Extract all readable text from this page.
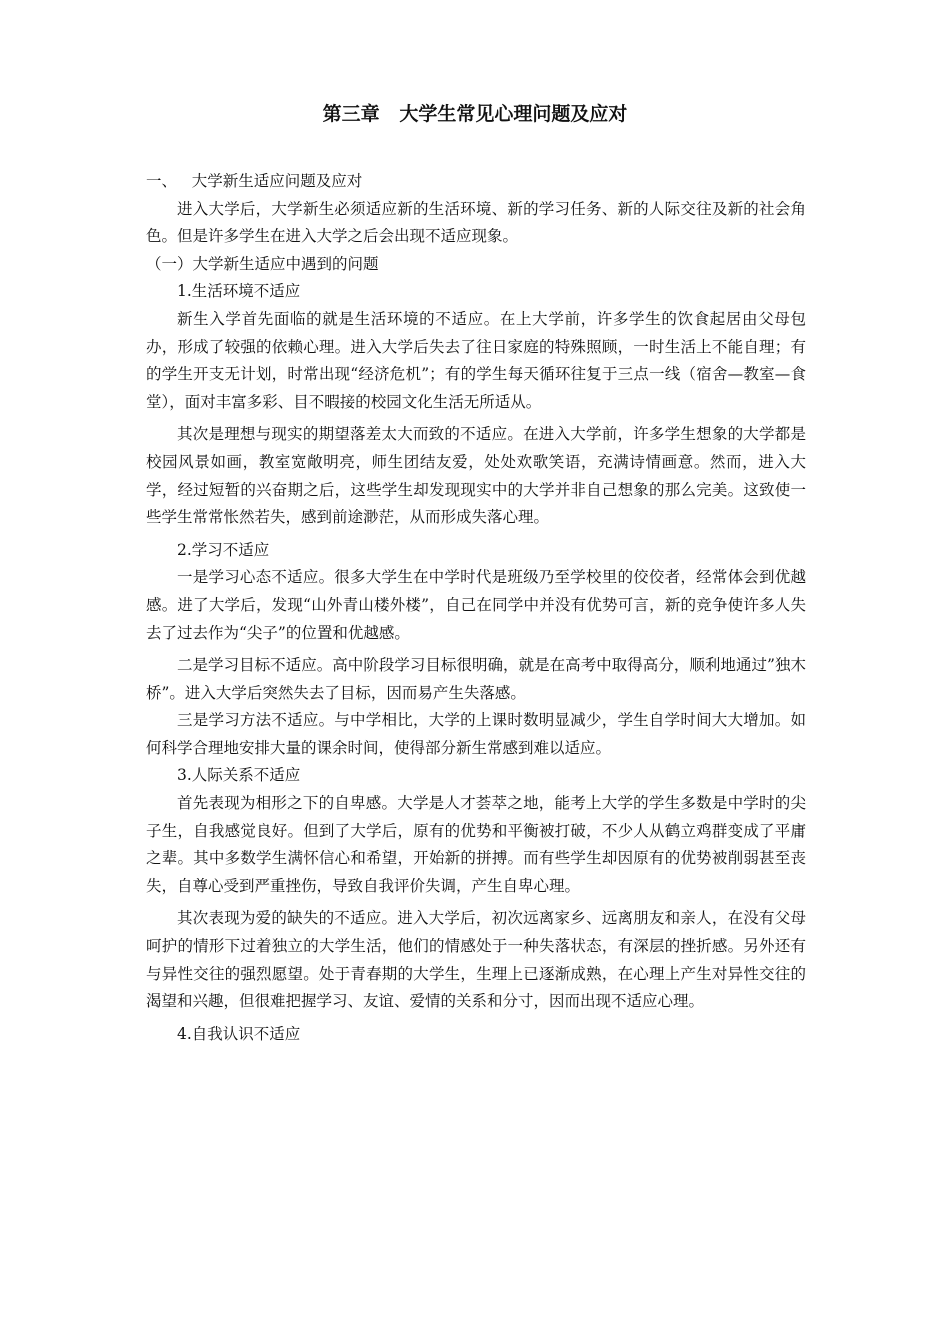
第三章   大学生常见心理问题及应对

一、   大学新生适应问题及应对

进入大学后，大学新生必须适应新的生活环境、新的学习任务、新的人际交往及新的社会角色。但是许多学生在进入大学之后会出现不适应现象。

（一）大学新生适应中遇到的问题

1.生活环境不适应

新生入学首先面临的就是生活环境的不适应。在上大学前，许多学生的饮食起居由父母包办，形成了较强的依赖心理。进入大学后失去了往日家庭的特殊照顾，一时生活上不能自理；有的学生开支无计划，时常出现“经济危机”；有的学生每天循环往复于三点一线（宿舍—教室—食堂），面对丰富多彩、目不暇接的校园文化生活无所适从。

其次是理想与现实的期望落差太大而致的不适应。在进入大学前，许多学生想象的大学都是校园风景如画，教室宽敞明亮，师生团结友爱，处处欢歌笑语，充满诗情画意。然而，进入大学，经过短暂的兴奋期之后，这些学生却发现现实中的大学并非自己想象的那么完美。这致使一些学生常常怅然若失，感到前途渺茫，从而形成失落心理。

2.学习不适应

一是学习心态不适应。很多大学生在中学时代是班级乃至学校里的佼佼者，经常体会到优越感。进了大学后，发现“山外青山楼外楼”，自己在同学中并没有优势可言，新的竞争使许多人失去了过去作为“尖子”的位置和优越感。

二是学习目标不适应。高中阶段学习目标很明确，就是在高考中取得高分，顺利地通过”独木桥”。进入大学后突然失去了目标，因而易产生失落感。

三是学习方法不适应。与中学相比，大学的上课时数明显减少，学生自学时间大大增加。如何科学合理地安排大量的课余时间，使得部分新生常感到难以适应。

3.人际关系不适应

首先表现为相形之下的自卑感。大学是人才荟萃之地，能考上大学的学生多数是中学时的尖子生，自我感觉良好。但到了大学后，原有的优势和平衡被打破，不少人从鹤立鸡群变成了平庸之辈。其中多数学生满怀信心和希望，开始新的拼搏。而有些学生却因原有的优势被削弱甚至丧失，自尊心受到严重挫伤，导致自我评价失调，产生自卑心理。

其次表现为爱的缺失的不适应。进入大学后，初次远离家乡、远离朋友和亲人，在没有父母呵护的情形下过着独立的大学生活，他们的情感处于一种失落状态，有深层的挫折感。另外还有与异性交往的强烈愿望。处于青春期的大学生，生理上已逐渐成熟，在心理上产生对异性交往的渴望和兴趣，但很难把握学习、友谊、爱情的关系和分寸，因而出现不适应心理。

4.自我认识不适应
